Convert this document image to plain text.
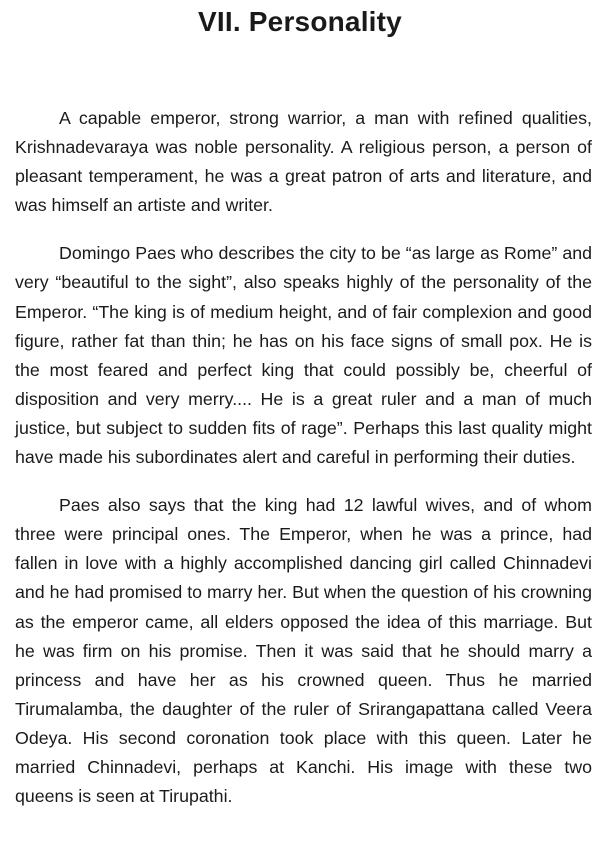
VII. Personality

A capable emperor, strong warrior, a man with refined qualities, Krishnadevaraya was noble personality. A religious person, a person of pleasant temperament, he was a great patron of arts and literature, and was himself an artiste and writer.

Domingo Paes who describes the city to be “as large as Rome” and very “beautiful to the sight”, also speaks highly of the personality of the Emperor. “The king is of medium height, and of fair complexion and good figure, rather fat than thin; he has on his face signs of small pox. He is the most feared and perfect king that could possibly be, cheerful of disposition and very merry.... He is a great ruler and a man of much justice, but subject to sudden fits of rage”. Perhaps this last quality might have made his subordinates alert and careful in performing their duties.

Paes also says that the king had 12 lawful wives, and of whom three were principal ones. The Emperor, when he was a prince, had fallen in love with a highly accomplished dancing girl called Chinnadevi and he had promised to marry her. But when the question of his crowning as the emperor came, all elders opposed the idea of this marriage. But he was firm on his promise. Then it was said that he should marry a princess and have her as his crowned queen. Thus he married Tirumalamba, the daughter of the ruler of Srirangapattana called Veera Odeya. His second coronation took place with this queen. Later he married Chinnadevi, perhaps at Kanchi. His image with these two queens is seen at Tirupathi.
